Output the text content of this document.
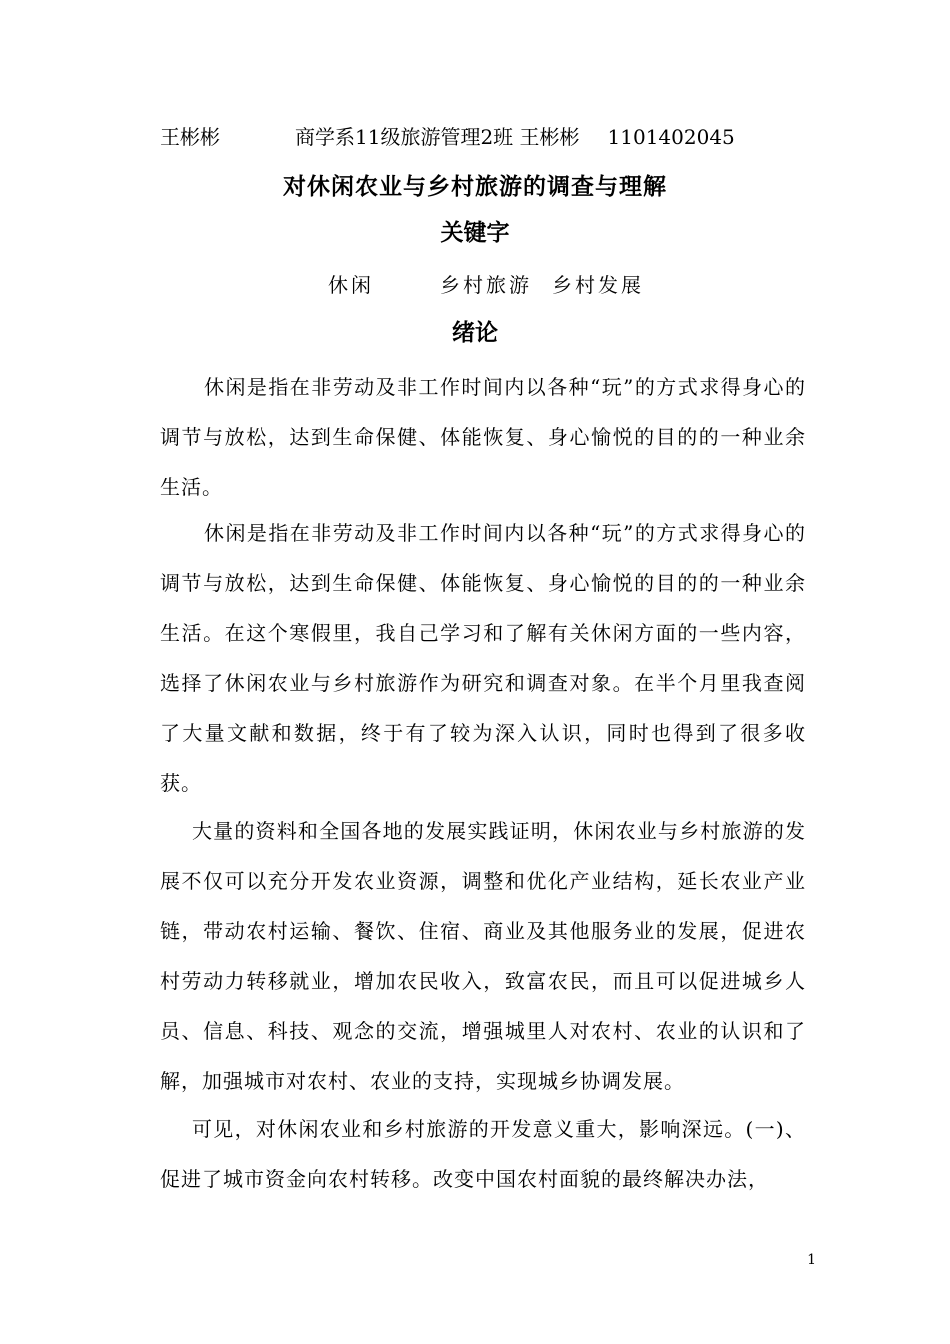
王彬彬	商学系11级旅游管理2班 王彬彬 1101402045
对休闲农业与乡村旅游的调查与理解
关键字
休闲	乡村旅游 乡村发展
绪论

休闲是指在非劳动及非工作时间内以各种“玩”的方式求得身心的调节与放松，达到生命保健、体能恢复、身心愉悦的目的的一种业余生活。

休闲是指在非劳动及非工作时间内以各种“玩”的方式求得身心的调节与放松，达到生命保健、体能恢复、身心愉悦的目的的一种业余生活。在这个寒假里，我自己学习和了解有关休闲方面的一些内容，选择了休闲农业与乡村旅游作为研究和调查对象。在半个月里我查阅了大量文献和数据，终于有了较为深入认识，同时也得到了很多收获。

大量的资料和全国各地的发展实践证明，休闲农业与乡村旅游的发展不仅可以充分开发农业资源，调整和优化产业结构，延长农业产业链，带动农村运输、餐饮、住宿、商业及其他服务业的发展，促进农村劳动力转移就业，增加农民收入，致富农民，而且可以促进城乡人员、信息、科技、观念的交流，增强城里人对农村、农业的认识和了解，加强城市对农村、农业的支持，实现城乡协调发展。

可见，对休闲农业和乡村旅游的开发意义重大，影响深远。(一)、促进了城市资金向农村转移。改变中国农村面貌的最终解决办法，

1
